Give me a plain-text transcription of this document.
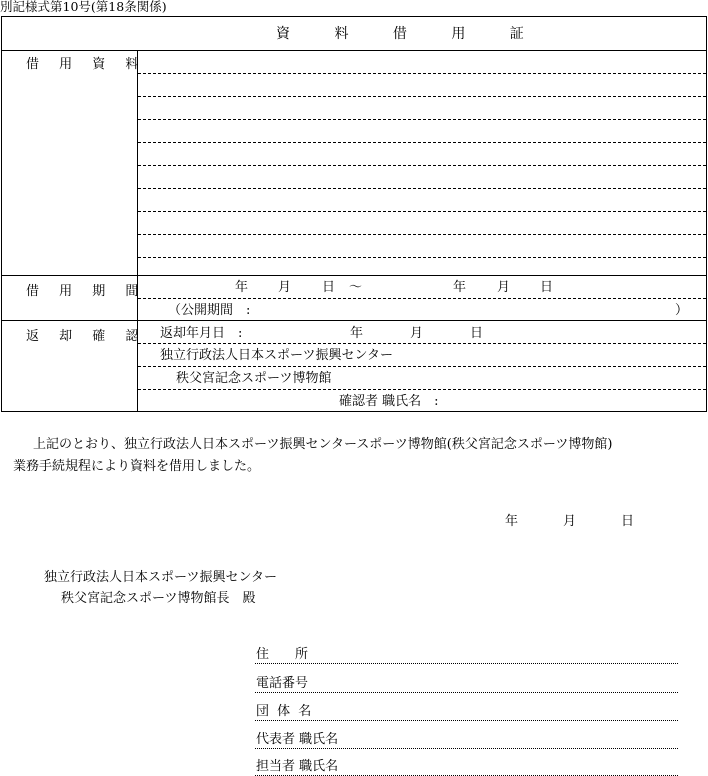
別記様式第10号(第18条関係)
資 料 借 用 証
借 用 資 料
借 用 期 間	年 月 日 ～	年 月 日
（公開期間　:	）
返 却 確 認 返却年月日　:	年	月	日
独立行政法人日本スポーツ振興センター
秩父宮記念スポーツ博物館
確認者 職氏名　:
上記のとおり、独立行政法人日本スポーツ振興センタースポーツ博物館(秩父宮記念スポーツ博物館)
業務手続規程により資料を借用しました。
年	月	日
独立行政法人日本スポーツ振興センター
秩父宮記念スポーツ博物館長　殿
住　　所
電話番号
団 体 名
代表者 職氏名
担当者 職氏名
